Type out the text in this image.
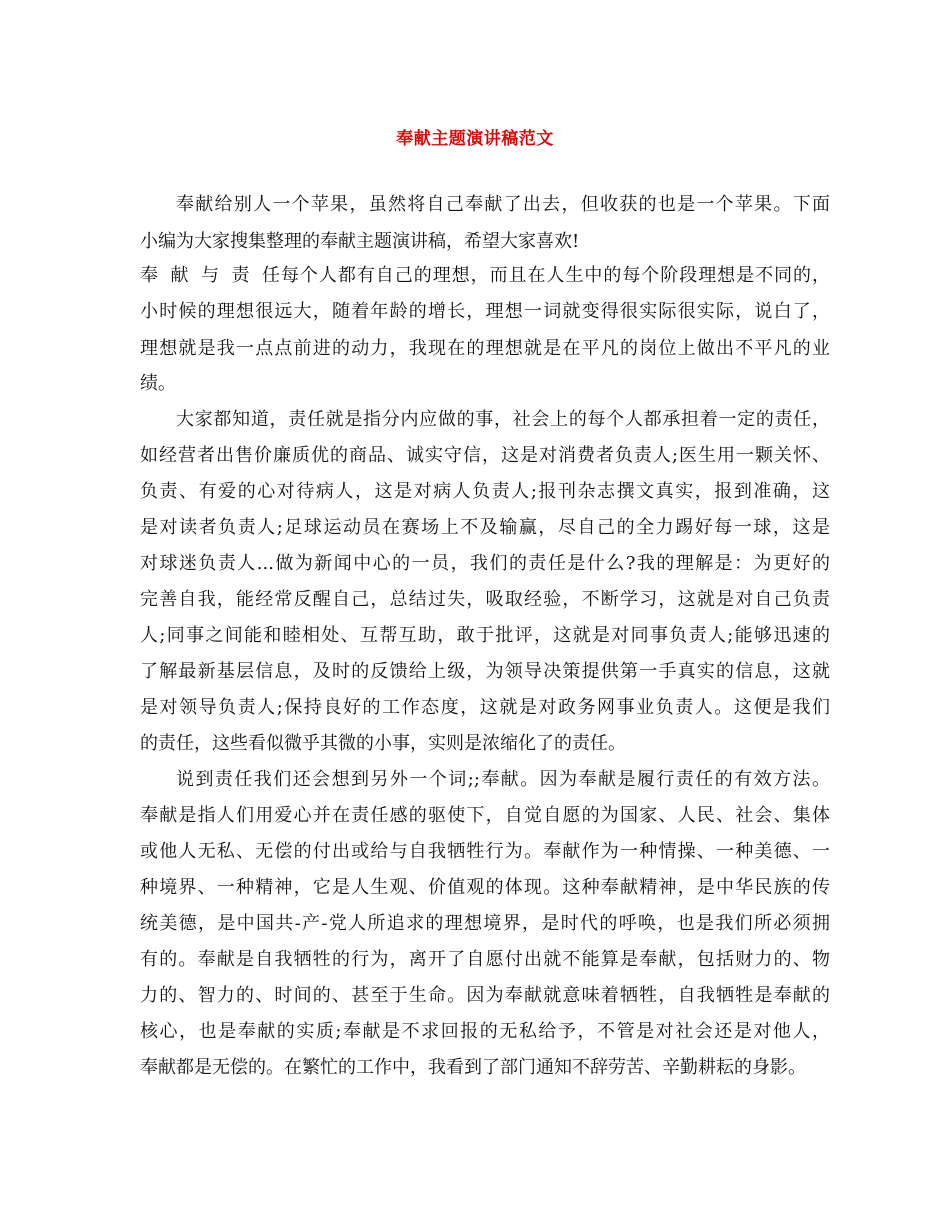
奉献主题演讲稿范文
奉献给别人一个苹果，虽然将自己奉献了出去，但收获的也是一个苹果。下面
小编为大家搜集整理的奉献主题演讲稿，希望大家喜欢!
奉献与责任每个人都有自己的理想，而且在人生中的每个阶段理想是不同的，
小时候的理想很远大，随着年龄的增长，理想一词就变得很实际很实际，说白了，
理想就是我一点点前进的动力，我现在的理想就是在平凡的岗位上做出不平凡的业
绩。
大家都知道，责任就是指分内应做的事，社会上的每个人都承担着一定的责任，
如经营者出售价廉质优的商品、诚实守信，这是对消费者负责人;医生用一颗关怀、
负责、有爱的心对待病人，这是对病人负责人;报刊杂志撰文真实，报到准确，这
是对读者负责人;足球运动员在赛场上不及输赢，尽自己的全力踢好每一球，这是
对球迷负责人...做为新闻中心的一员，我们的责任是什么?我的理解是：为更好的
完善自我，能经常反醒自己，总结过失，吸取经验，不断学习，这就是对自己负责
人;同事之间能和睦相处、互帮互助，敢于批评，这就是对同事负责人;能够迅速的
了解最新基层信息，及时的反馈给上级，为领导决策提供第一手真实的信息，这就
是对领导负责人;保持良好的工作态度，这就是对政务网事业负责人。这便是我们
的责任，这些看似微乎其微的小事，实则是浓缩化了的责任。
说到责任我们还会想到另外一个词;;奉献。因为奉献是履行责任的有效方法。
奉献是指人们用爱心并在责任感的驱使下，自觉自愿的为国家、人民、社会、集体
或他人无私、无偿的付出或给与自我牺牲行为。奉献作为一种情操、一种美德、一
种境界、一种精神，它是人生观、价值观的体现。这种奉献精神，是中华民族的传
统美德，是中国共-产-党人所追求的理想境界，是时代的呼唤，也是我们所必须拥
有的。奉献是自我牺牲的行为，离开了自愿付出就不能算是奉献，包括财力的、物
力的、智力的、时间的、甚至于生命。因为奉献就意味着牺牲，自我牺牲是奉献的
核心，也是奉献的实质;奉献是不求回报的无私给予，不管是对社会还是对他人，
奉献都是无偿的。在繁忙的工作中，我看到了部门通知不辞劳苦、辛勤耕耘的身影。
